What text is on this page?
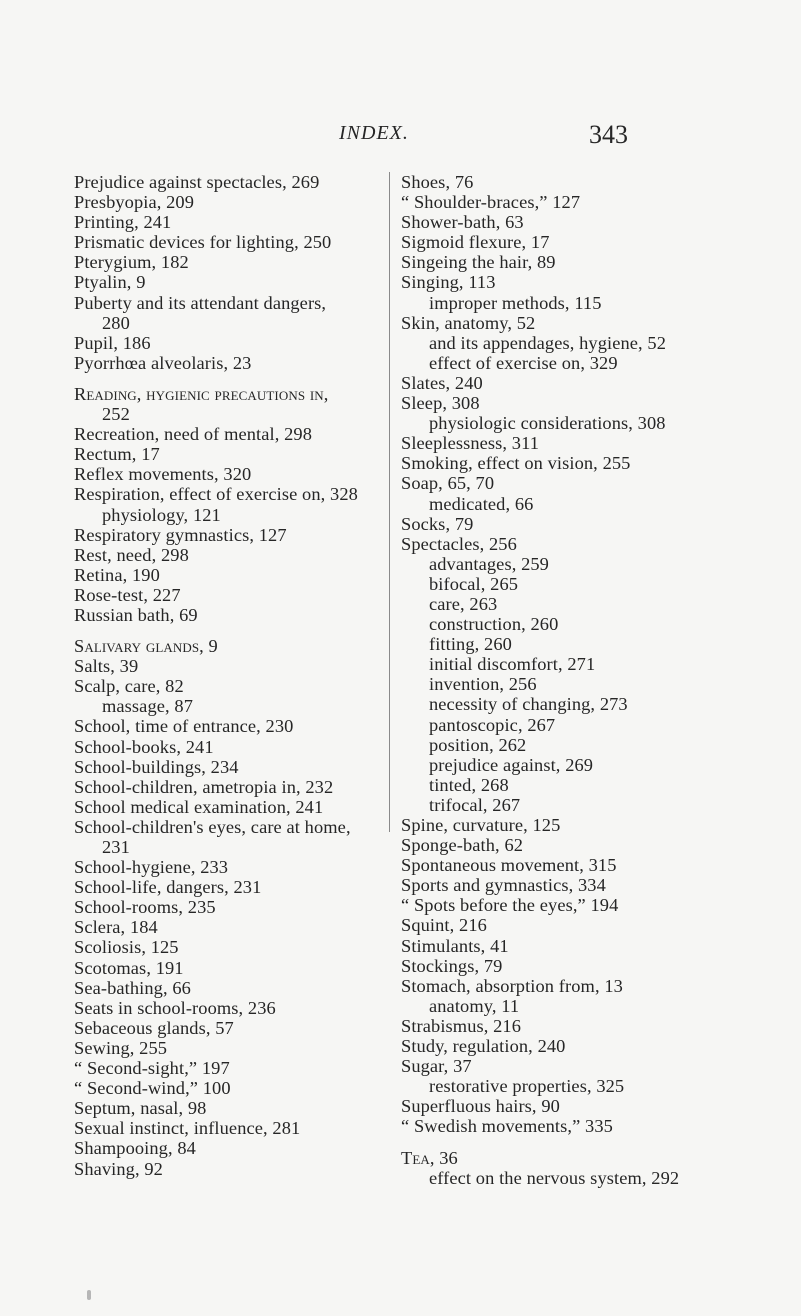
INDEX.	343
Prejudice against spectacles, 269
Presbyopia, 209
Printing, 241
Prismatic devices for lighting, 250
Pterygium, 182
Ptyalin, 9
Puberty and its attendant dangers,
280
Pupil, 186
Pyorrhœa alveolaris, 23
Reading, hygienic precautions in,
252
Recreation, need of mental, 298
Rectum, 17
Reflex movements, 320
Respiration, effect of exercise on, 328
physiology, 121
Respiratory gymnastics, 127
Rest, need, 298
Retina, 190
Rose-test, 227
Russian bath, 69
Salivary glands, 9
Salts, 39
Scalp, care, 82
massage, 87
School, time of entrance, 230
School-books, 241
School-buildings, 234
School-children, ametropia in, 232
School medical examination, 241
School-children's eyes, care at home,
231
School-hygiene, 233
School-life, dangers, 231
School-rooms, 235
Sclera, 184
Scoliosis, 125
Scotomas, 191
Sea-bathing, 66
Seats in school-rooms, 236
Sebaceous glands, 57
Sewing, 255
“ Second-sight,” 197
“ Second-wind,” 100
Septum, nasal, 98
Sexual instinct, influence, 281
Shampooing, 84
Shaving, 92
Shoes, 76
“ Shoulder-braces,” 127
Shower-bath, 63
Sigmoid flexure, 17
Singeing the hair, 89
Singing, 113
improper methods, 115
Skin, anatomy, 52
and its appendages, hygiene, 52
effect of exercise on, 329
Slates, 240
Sleep, 308
physiologic considerations, 308
Sleeplessness, 311
Smoking, effect on vision, 255
Soap, 65, 70
medicated, 66
Socks, 79
Spectacles, 256
advantages, 259
bifocal, 265
care, 263
construction, 260
fitting, 260
initial discomfort, 271
invention, 256
necessity of changing, 273
pantoscopic, 267
position, 262
prejudice against, 269
tinted, 268
trifocal, 267
Spine, curvature, 125
Sponge-bath, 62
Spontaneous movement, 315
Sports and gymnastics, 334
“ Spots before the eyes,” 194
Squint, 216
Stimulants, 41
Stockings, 79
Stomach, absorption from, 13
anatomy, 11
Strabismus, 216
Study, regulation, 240
Sugar, 37
restorative properties, 325
Superfluous hairs, 90
“ Swedish movements,” 335
Tea, 36
effect on the nervous system, 292
